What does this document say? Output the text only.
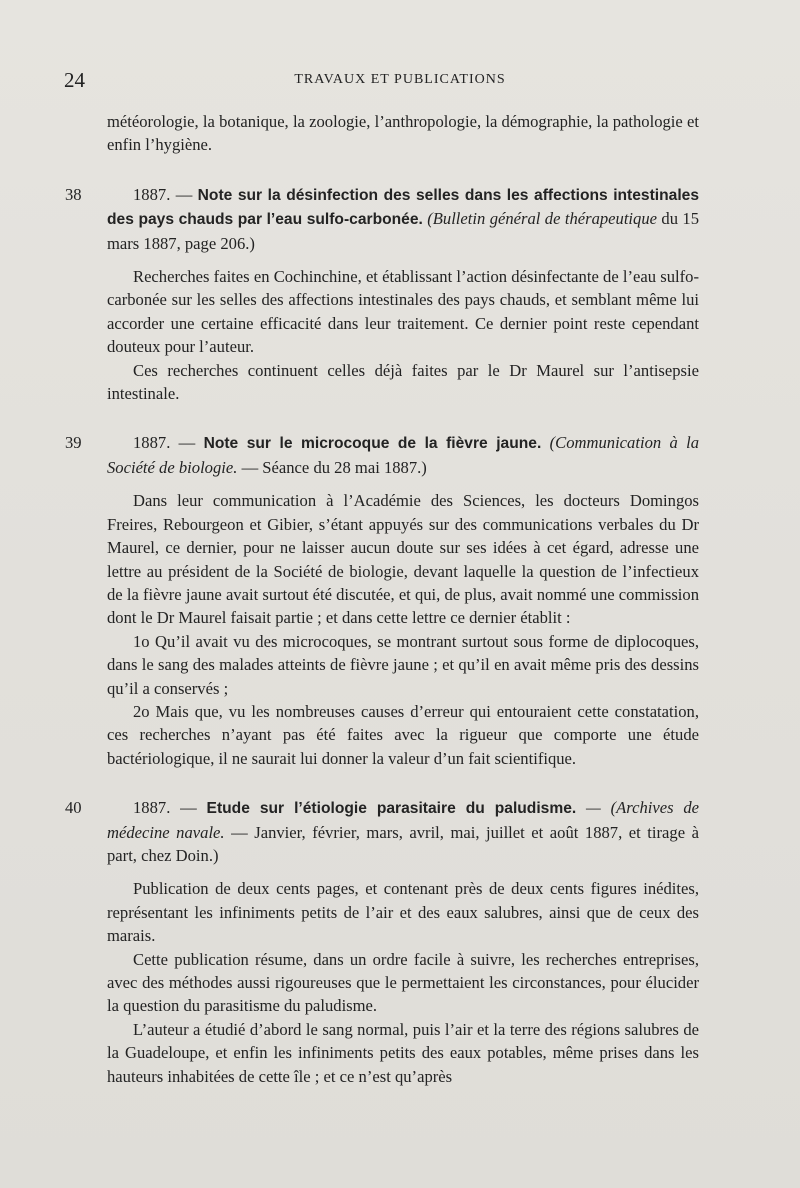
24	TRAVAUX ET PUBLICATIONS

météorologie, la botanique, la zoologie, l’anthropologie, la démographie, la pathologie et enfin l’hygiène.

38	1887. — Note sur la désinfection des selles dans les affections intestinales des pays chauds par l’eau sulfo-carbonée. (Bulletin général de thérapeutique du 15 mars 1887, page 206.)

Recherches faites en Cochinchine, et établissant l’action désinfectante de l’eau sulfo-carbonée sur les selles des affections intestinales des pays chauds, et semblant même lui accorder une certaine efficacité dans leur traitement. Ce dernier point reste cependant douteux pour l’auteur.

Ces recherches continuent celles déjà faites par le Dr Maurel sur l’antisepsie intestinale.

39	1887. — Note sur le microcoque de la fièvre jaune. (Communication à la Société de biologie. — Séance du 28 mai 1887.)

Dans leur communication à l’Académie des Sciences, les docteurs Domingos Freires, Rebourgeon et Gibier, s’étant appuyés sur des communications verbales du Dr Maurel, ce dernier, pour ne laisser aucun doute sur ses idées à cet égard, adresse une lettre au président de la Société de biologie, devant laquelle la question de l’infectieux de la fièvre jaune avait surtout été discutée, et qui, de plus, avait nommé une commission dont le Dr Maurel faisait partie ; et dans cette lettre ce dernier établit :

1o Qu’il avait vu des microcoques, se montrant surtout sous forme de diplocoques, dans le sang des malades atteints de fièvre jaune ; et qu’il en avait même pris des dessins qu’il a conservés ;

2o Mais que, vu les nombreuses causes d’erreur qui entouraient cette constatation, ces recherches n’ayant pas été faites avec la rigueur que comporte une étude bactériologique, il ne saurait lui donner la valeur d’un fait scientifique.

40	1887. — Etude sur l’étiologie parasitaire du paludisme. — (Archives de médecine navale. — Janvier, février, mars, avril, mai, juillet et août 1887, et tirage à part, chez Doin.)

Publication de deux cents pages, et contenant près de deux cents figures inédites, représentant les infiniments petits de l’air et des eaux salubres, ainsi que de ceux des marais.

Cette publication résume, dans un ordre facile à suivre, les recherches entreprises, avec des méthodes aussi rigoureuses que le permettaient les circonstances, pour élucider la question du parasitisme du paludisme.

L’auteur a étudié d’abord le sang normal, puis l’air et la terre des régions salubres de la Guadeloupe, et enfin les infiniments petits des eaux potables, même prises dans les hauteurs inhabitées de cette île ; et ce n’est qu’après
